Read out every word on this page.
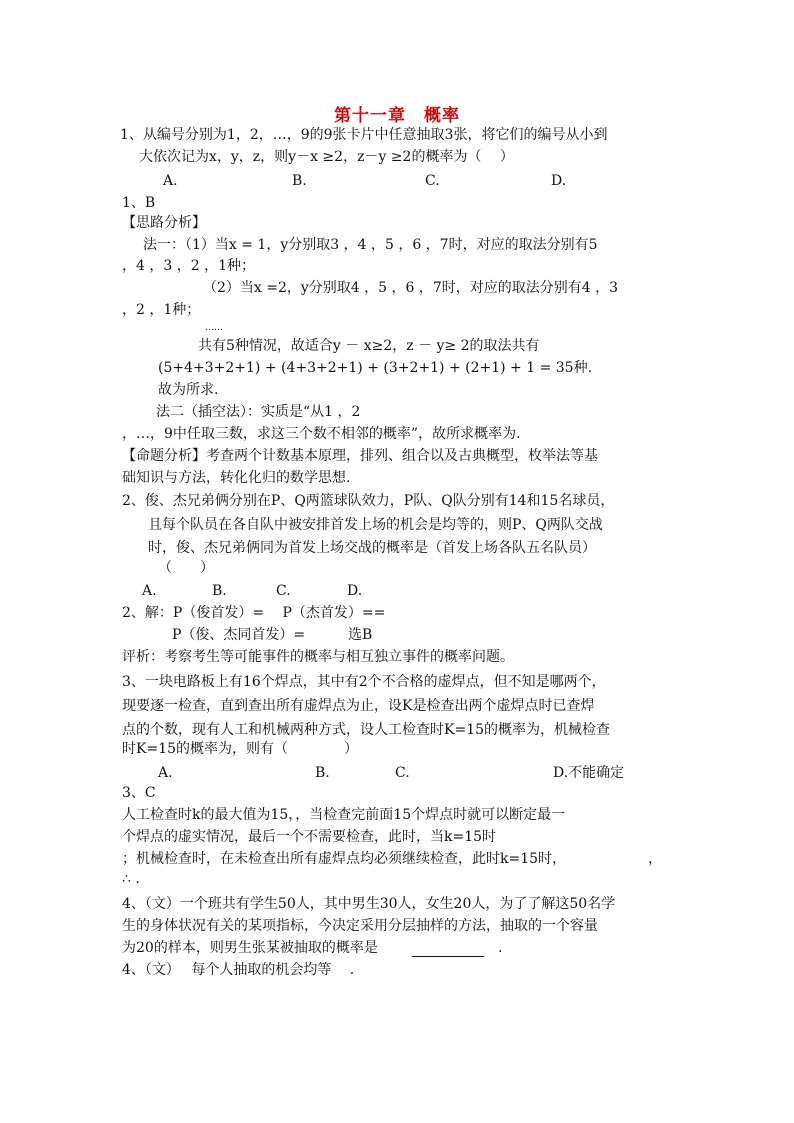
第十一章　概率
1、从编号分别为1，2，…，9的9张卡片中任意抽取3张，将它们的编号从小到
大依次记为x，y，z，则y－x ≥2，z－y ≥2的概率为（　 ）
A.	B.	C.	D.
1、B
【思路分析】
法一：（1）当x = 1，y分别取3 ，4 ，5 ，6 ，7时，对应的取法分别有5
，4 ，3 ，2 ，1种；
（2）当x =2，y分别取4 ，5 ，6 ，7时，对应的取法分别有4 ，3
，2 ，1种；
……
共有5种情况，故适合y － x≥2，z － y≥ 2的取法共有
(5+4+3+2+1) + (4+3+2+1) + (3+2+1) + (2+1) + 1 = 35种.
故为所求.
法二（插空法）：实质是“从1 ，2
，…，9中任取三数，求这三个数不相邻的概率”，故所求概率为.
【命题分析】考查两个计数基本原理，排列、组合以及古典概型，枚举法等基
础知识与方法，转化化归的数学思想.
2、俊、杰兄弟俩分别在P、Q两篮球队效力，P队、Q队分别有14和15名球员，
且每个队员在各自队中被安排首发上场的机会是均等的，则P、Q两队交战
时，俊、杰兄弟俩同为首发上场交战的概率是（首发上场各队五名队员）
（　　）
A.	B.	C.	D.
2、解：P（俊首发）=　 P（杰首发）==
P（俊、杰同首发）=	选B
评析：考察考生等可能事件的概率与相互独立事件的概率问题。
3、一块电路板上有16个焊点，其中有2个不合格的虚焊点，但不知是哪两个，
现要逐一检查，直到查出所有虚焊点为止，设K是检查出两个虚焊点时已查焊
点的个数，现有人工和机械两种方式，设人工检查时K=15的概率为，机械检查
时K=15的概率为，则有（　　　　）
A.	B.	C.	D.不能确定
3、C
人工检查时k的最大值为15，，当检查完前面15个焊点时就可以断定最一
个焊点的虚实情况，最后一个不需要检查，此时，当k=15时
；机械检查时，在未检查出所有虚焊点均必须继续检查，此时k=15时，	，
∴ .
4、（文）一个班共有学生50人，其中男生30人，女生20人，为了了解这50名学
生的身体状况有关的某项指标，今决定采用分层抽样的方法，抽取的一个容量
为20的样本，则男生张某被抽取的概率是	　.
4、（文）　 每个人抽取的机会均等　 .
